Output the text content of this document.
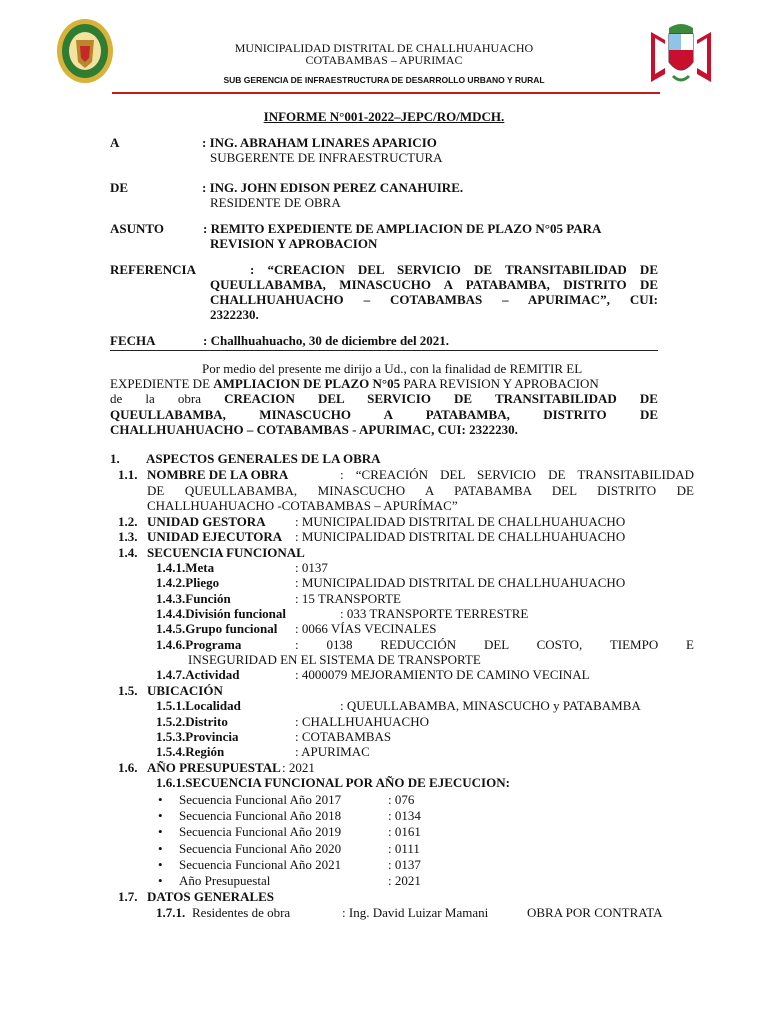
MUNICIPALIDAD DISTRITAL DE CHALLHUAHUACHO
COTABAMBAS – APURIMAC
SUB GERENCIA DE INFRAESTRUCTURA DE DESARROLLO URBANO Y RURAL
INFORME N°001-2022–JEPC/RO/MDCH.
A	: ING. ABRAHAM LINARES APARICIO
SUBGERENTE DE INFRAESTRUCTURA
DE	: ING. JOHN EDISON PEREZ CANAHUIRE.
RESIDENTE DE OBRA
ASUNTO	: REMITO EXPEDIENTE DE AMPLIACION DE PLAZO N°05 PARA
REVISION Y APROBACION
REFERENCIA	: “CREACION DEL SERVICIO DE TRANSITABILIDAD DE
QUEULLABAMBA, MINASCUCHO A PATABAMBA, DISTRITO DE
CHALLHUAHUACHO – COTABAMBAS – APURIMAC”, CUI:
2322230.
FECHA	: Challhuahuacho, 30 de diciembre del 2021.
Por medio del presente me dirijo a Ud., con la finalidad de REMITIR EL
EXPEDIENTE DE AMPLIACION DE PLAZO N°05 PARA REVISION Y APROBACION
de la obra CREACION DEL SERVICIO DE TRANSITABILIDAD DE
QUEULLABAMBA, MINASCUCHO A PATABAMBA, DISTRITO DE
CHALLHUAHUACHO – COTABAMBAS - APURIMAC, CUI: 2322230.
1. ASPECTOS GENERALES DE LA OBRA
1.1. NOMBRE DE LA OBRA	: “CREACIÓN DEL SERVICIO DE TRANSITABILIDAD
DE QUEULLABAMBA, MINASCUCHO A PATABAMBA DEL DISTRITO DE
CHALLHUAHUACHO -COTABAMBAS – APURÍMAC”
1.2. UNIDAD GESTORA : MUNICIPALIDAD DISTRITAL DE CHALLHUAHUACHO
1.3. UNIDAD EJECUTORA : MUNICIPALIDAD DISTRITAL DE CHALLHUAHUACHO
1.4. SECUENCIA FUNCIONAL
1.4.1.Meta	: 0137
1.4.2.Pliego	: MUNICIPALIDAD DISTRITAL DE CHALLHUAHUACHO
1.4.3.Función	: 15 TRANSPORTE
1.4.4.División funcional	: 033 TRANSPORTE TERRESTRE
1.4.5.Grupo funcional : 0066 VÍAS VECINALES
1.4.6.Programa	: 0138 REDUCCIÓN DEL COSTO, TIEMPO E
INSEGURIDAD EN EL SISTEMA DE TRANSPORTE
1.4.7.Actividad	: 4000079 MEJORAMIENTO DE CAMINO VECINAL
1.5. UBICACIÓN
1.5.1.Localidad	: QUEULLABAMBA, MINASCUCHO y PATABAMBA
1.5.2.Distrito	: CHALLHUAHUACHO
1.5.3.Provincia	: COTABAMBAS
1.5.4.Región	: APURIMAC
1.6. AÑO PRESUPUESTAL : 2021
1.6.1.SECUENCIA FUNCIONAL POR AÑO DE EJECUCION:
• Secuencia Funcional Año 2017	: 076
• Secuencia Funcional Año 2018	: 0134
• Secuencia Funcional Año 2019	: 0161
• Secuencia Funcional Año 2020	: 0111
• Secuencia Funcional Año 2021	: 0137
• Año Presupuestal	: 2021
1.7. DATOS GENERALES
1.7.1. Residentes de obra	: Ing. David Luizar Mamani	OBRA POR CONTRATA
